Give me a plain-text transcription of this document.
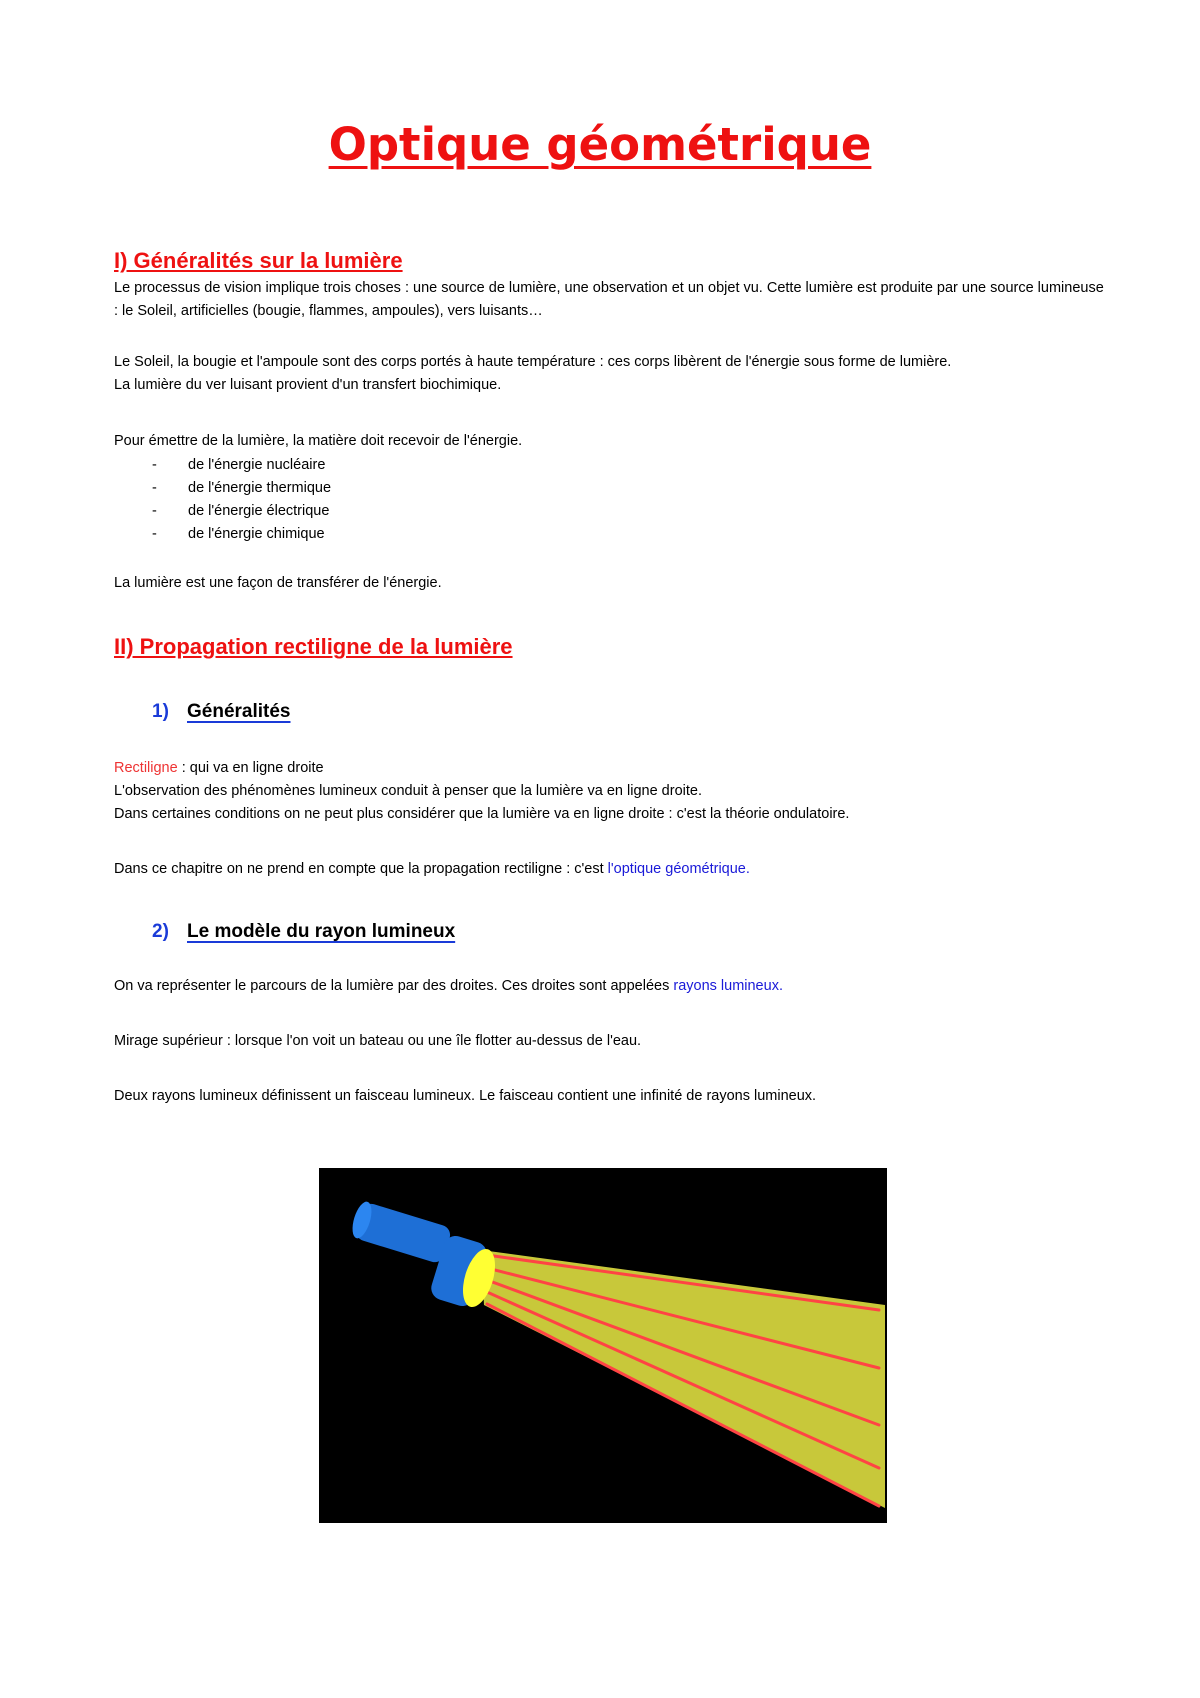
Optique géométrique
I) Généralités sur la lumière

Le processus de vision implique trois choses : une source de lumière, une observation et un objet vu. Cette lumière est produite par une source lumineuse : le Soleil, artificielles (bougie, flammes, ampoules), vers luisants…

Le Soleil, la bougie et l'ampoule sont des corps portés à haute température : ces corps libèrent de l'énergie sous forme de lumière.

La lumière du ver luisant provient d'un transfert biochimique.

Pour émettre de la lumière, la matière doit recevoir de l'énergie.

- de l'énergie nucléaire
- de l'énergie thermique
- de l'énergie électrique
- de l'énergie chimique

La lumière est une façon de transférer de l'énergie.

II) Propagation rectiligne de la lumière
1) Généralités

Rectiligne : qui va en ligne droite

L'observation des phénomènes lumineux conduit à penser que la lumière va en ligne droite.

Dans certaines conditions on ne peut plus considérer que la lumière va en ligne droite : c'est la théorie ondulatoire.

Dans ce chapitre on ne prend en compte que la propagation rectiligne : c'est l'optique géométrique.

2) Le modèle du rayon lumineux

On va représenter le parcours de la lumière par des droites. Ces droites sont appelées rayons lumineux.

Mirage supérieur : lorsque l'on voit un bateau ou une île flotter au-dessus de l'eau.

Deux rayons lumineux définissent un faisceau lumineux. Le faisceau contient une infinité de rayons lumineux.
